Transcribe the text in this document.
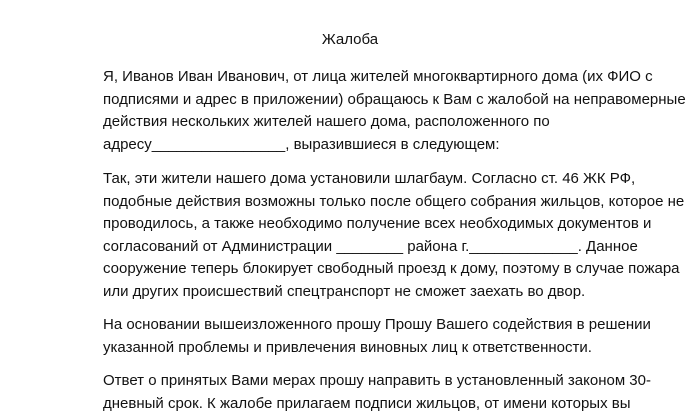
Жалоба
Я, Иванов Иван Иванович, от лица жителей многоквартирного дома (их ФИО с
подписями и адрес в приложении) обращаюсь к Вам с жалобой на неправомерные
действия нескольких жителей нашего дома, расположенного по
адресу________________, выразившиеся в следующем:
Так, эти жители нашего дома установили шлагбаум. Согласно ст. 46 ЖК РФ,
подобные действия возможны только после общего собрания жильцов, которое не
проводилось, а также необходимо получение всех необходимых документов и
согласований от Администрации ________ района г._____________. Данное
сооружение теперь блокирует свободный проезд к дому, поэтому в случае пожара
или других происшествий спецтранспорт не сможет заехать во двор.
На основании вышеизложенного прошу Прошу Вашего содействия в решении
указанной проблемы и привлечения виновных лиц к ответственности.
Ответ о принятых Вами мерах прошу направить в установленный законом 30-
дневный срок. К жалобе прилагаем подписи жильцов, от имени которых вы
